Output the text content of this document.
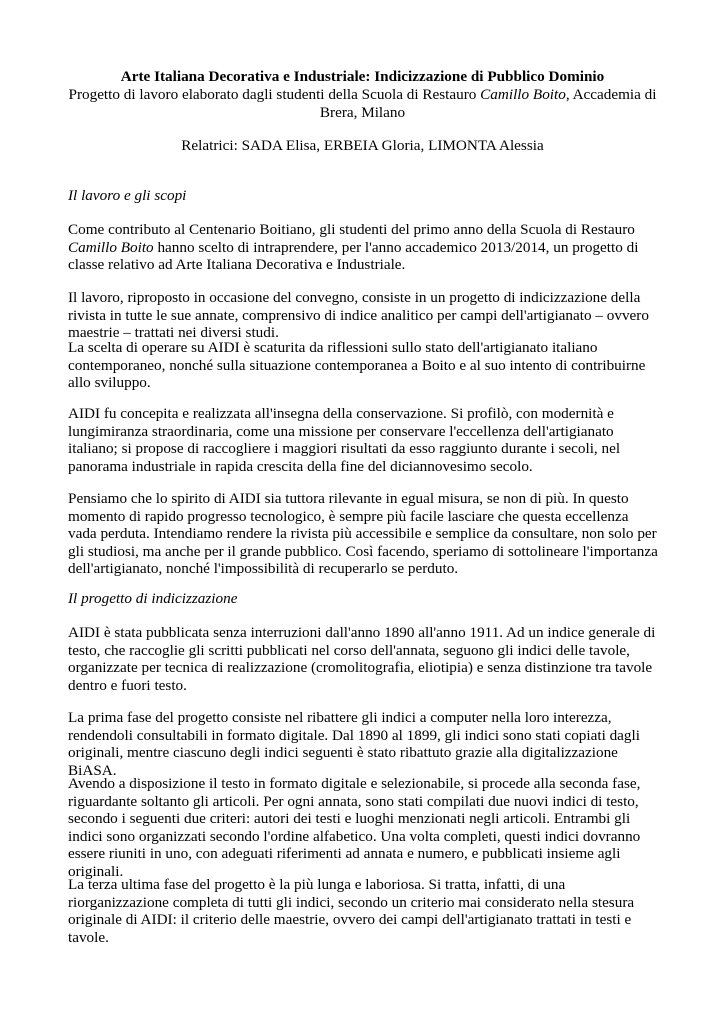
Arte Italiana Decorativa e Industriale: Indicizzazione di Pubblico Dominio
Progetto di lavoro elaborato dagli studenti della Scuola di Restauro Camillo Boito, Accademia di Brera, Milano
Relatrici: SADA Elisa, ERBEIA Gloria, LIMONTA Alessia
Il lavoro e gli scopi

Come contributo al Centenario Boitiano, gli studenti del primo anno della Scuola di Restauro Camillo Boito hanno scelto di intraprendere, per l'anno accademico 2013/2014, un progetto di classe relativo ad Arte Italiana Decorativa e Industriale.

Il lavoro, riproposto in occasione del convegno, consiste in un progetto di indicizzazione della rivista in tutte le sue annate, comprensivo di indice analitico per campi dell'artigianato – ovvero maestrie – trattati nei diversi studi.

La scelta di operare su AIDI è scaturita da riflessioni sullo stato dell'artigianato italiano contemporaneo, nonché sulla situazione contemporanea a Boito e al suo intento di contribuirne allo sviluppo.

AIDI fu concepita e realizzata all'insegna della conservazione. Si profilò, con modernità e lungimiranza straordinaria, come una missione per conservare l'eccellenza dell'artigianato italiano; si propose di raccogliere i maggiori risultati da esso raggiunto durante i secoli, nel panorama industriale in rapida crescita della fine del diciannovesimo secolo.

Pensiamo che lo spirito di AIDI sia tuttora rilevante in egual misura, se non di più. In questo momento di rapido progresso tecnologico, è sempre più facile lasciare che questa eccellenza vada perduta. Intendiamo rendere la rivista più accessibile e semplice da consultare, non solo per gli studiosi, ma anche per il grande pubblico. Così facendo, speriamo di sottolineare l'importanza dell'artigianato, nonché l'impossibilità di recuperarlo se perduto.

Il progetto di indicizzazione

AIDI è stata pubblicata senza interruzioni dall'anno 1890 all'anno 1911. Ad un indice generale di testo, che raccoglie gli scritti pubblicati nel corso dell'annata, seguono gli indici delle tavole, organizzate per tecnica di realizzazione (cromolitografia, eliotipia) e senza distinzione tra tavole dentro e fuori testo.

La prima fase del progetto consiste nel ribattere gli indici a computer nella loro interezza, rendendoli consultabili in formato digitale. Dal 1890 al 1899, gli indici sono stati copiati dagli originali, mentre ciascuno degli indici seguenti è stato ribattuto grazie alla digitalizzazione BiASA.

Avendo a disposizione il testo in formato digitale e selezionabile, si procede alla seconda fase, riguardante soltanto gli articoli. Per ogni annata, sono stati compilati due nuovi indici di testo, secondo i seguenti due criteri: autori dei testi e luoghi menzionati negli articoli. Entrambi gli indici sono organizzati secondo l'ordine alfabetico. Una volta completi, questi indici dovranno essere riuniti in uno, con adeguati riferimenti ad annata e numero, e pubblicati insieme agli originali.

La terza ultima fase del progetto è la più lunga e laboriosa. Si tratta, infatti, di una riorganizzazione completa di tutti gli indici, secondo un criterio mai considerato nella stesura originale di AIDI: il criterio delle maestrie, ovvero dei campi dell'artigianato trattati in testi e tavole.
